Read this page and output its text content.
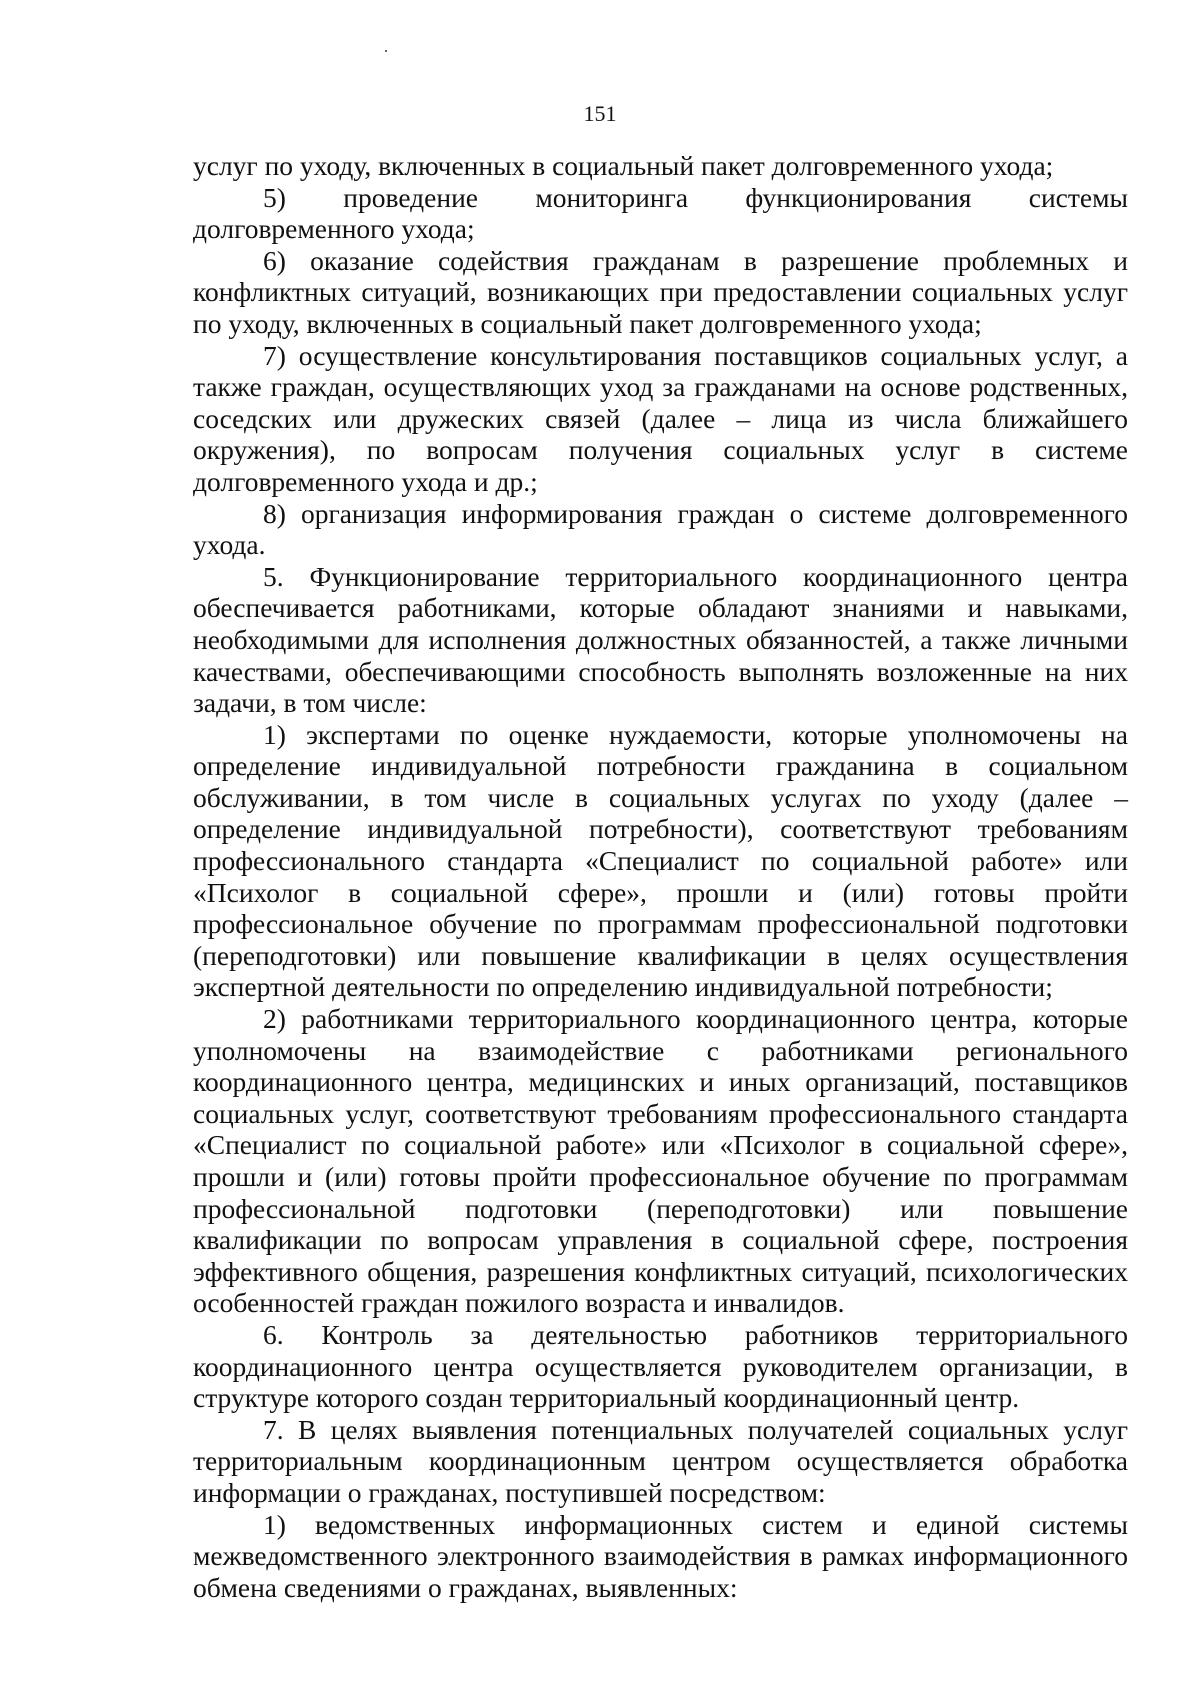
151

услуг по уходу, включенных в социальный пакет долговременного ухода;

5) проведение мониторинга функционирования системы долговременного ухода;

6) оказание содействия гражданам в разрешение проблемных и конфликтных ситуаций, возникающих при предоставлении социальных услуг по уходу, включенных в социальный пакет долговременного ухода;

7) осуществление консультирования поставщиков социальных услуг, а также граждан, осуществляющих уход за гражданами на основе родственных, соседских или дружеских связей (далее – лица из числа ближайшего окружения), по вопросам получения социальных услуг в системе долговременного ухода и др.;

8) организация информирования граждан о системе долговременного ухода.

5. Функционирование территориального координационного центра обеспечивается работниками, которые обладают знаниями и навыками, необходимыми для исполнения должностных обязанностей, а также личными качествами, обеспечивающими способность выполнять возложенные на них задачи, в том числе:

1) экспертами по оценке нуждаемости, которые уполномочены на определение индивидуальной потребности гражданина в социальном обслуживании, в том числе в социальных услугах по уходу (далее – определение индивидуальной потребности), соответствуют требованиям профессионального стандарта «Специалист по социальной работе» или «Психолог в социальной сфере», прошли и (или) готовы пройти профессиональное обучение по программам профессиональной подготовки (переподготовки) или повышение квалификации в целях осуществления экспертной деятельности по определению индивидуальной потребности;

2) работниками территориального координационного центра, которые уполномочены на взаимодействие с работниками регионального координационного центра, медицинских и иных организаций, поставщиков социальных услуг, соответствуют требованиям профессионального стандарта «Специалист по социальной работе» или «Психолог в социальной сфере», прошли и (или) готовы пройти профессиональное обучение по программам профессиональной подготовки (переподготовки) или повышение квалификации по вопросам управления в социальной сфере, построения эффективного общения, разрешения конфликтных ситуаций, психологических особенностей граждан пожилого возраста и инвалидов.

6. Контроль за деятельностью работников территориального координационного центра осуществляется руководителем организации, в структуре которого создан территориальный координационный центр.

7. В целях выявления потенциальных получателей социальных услуг территориальным координационным центром осуществляется обработка информации о гражданах, поступившей посредством:

1) ведомственных информационных систем и единой системы межведомственного электронного взаимодействия в рамках информационного обмена сведениями о гражданах, выявленных:
